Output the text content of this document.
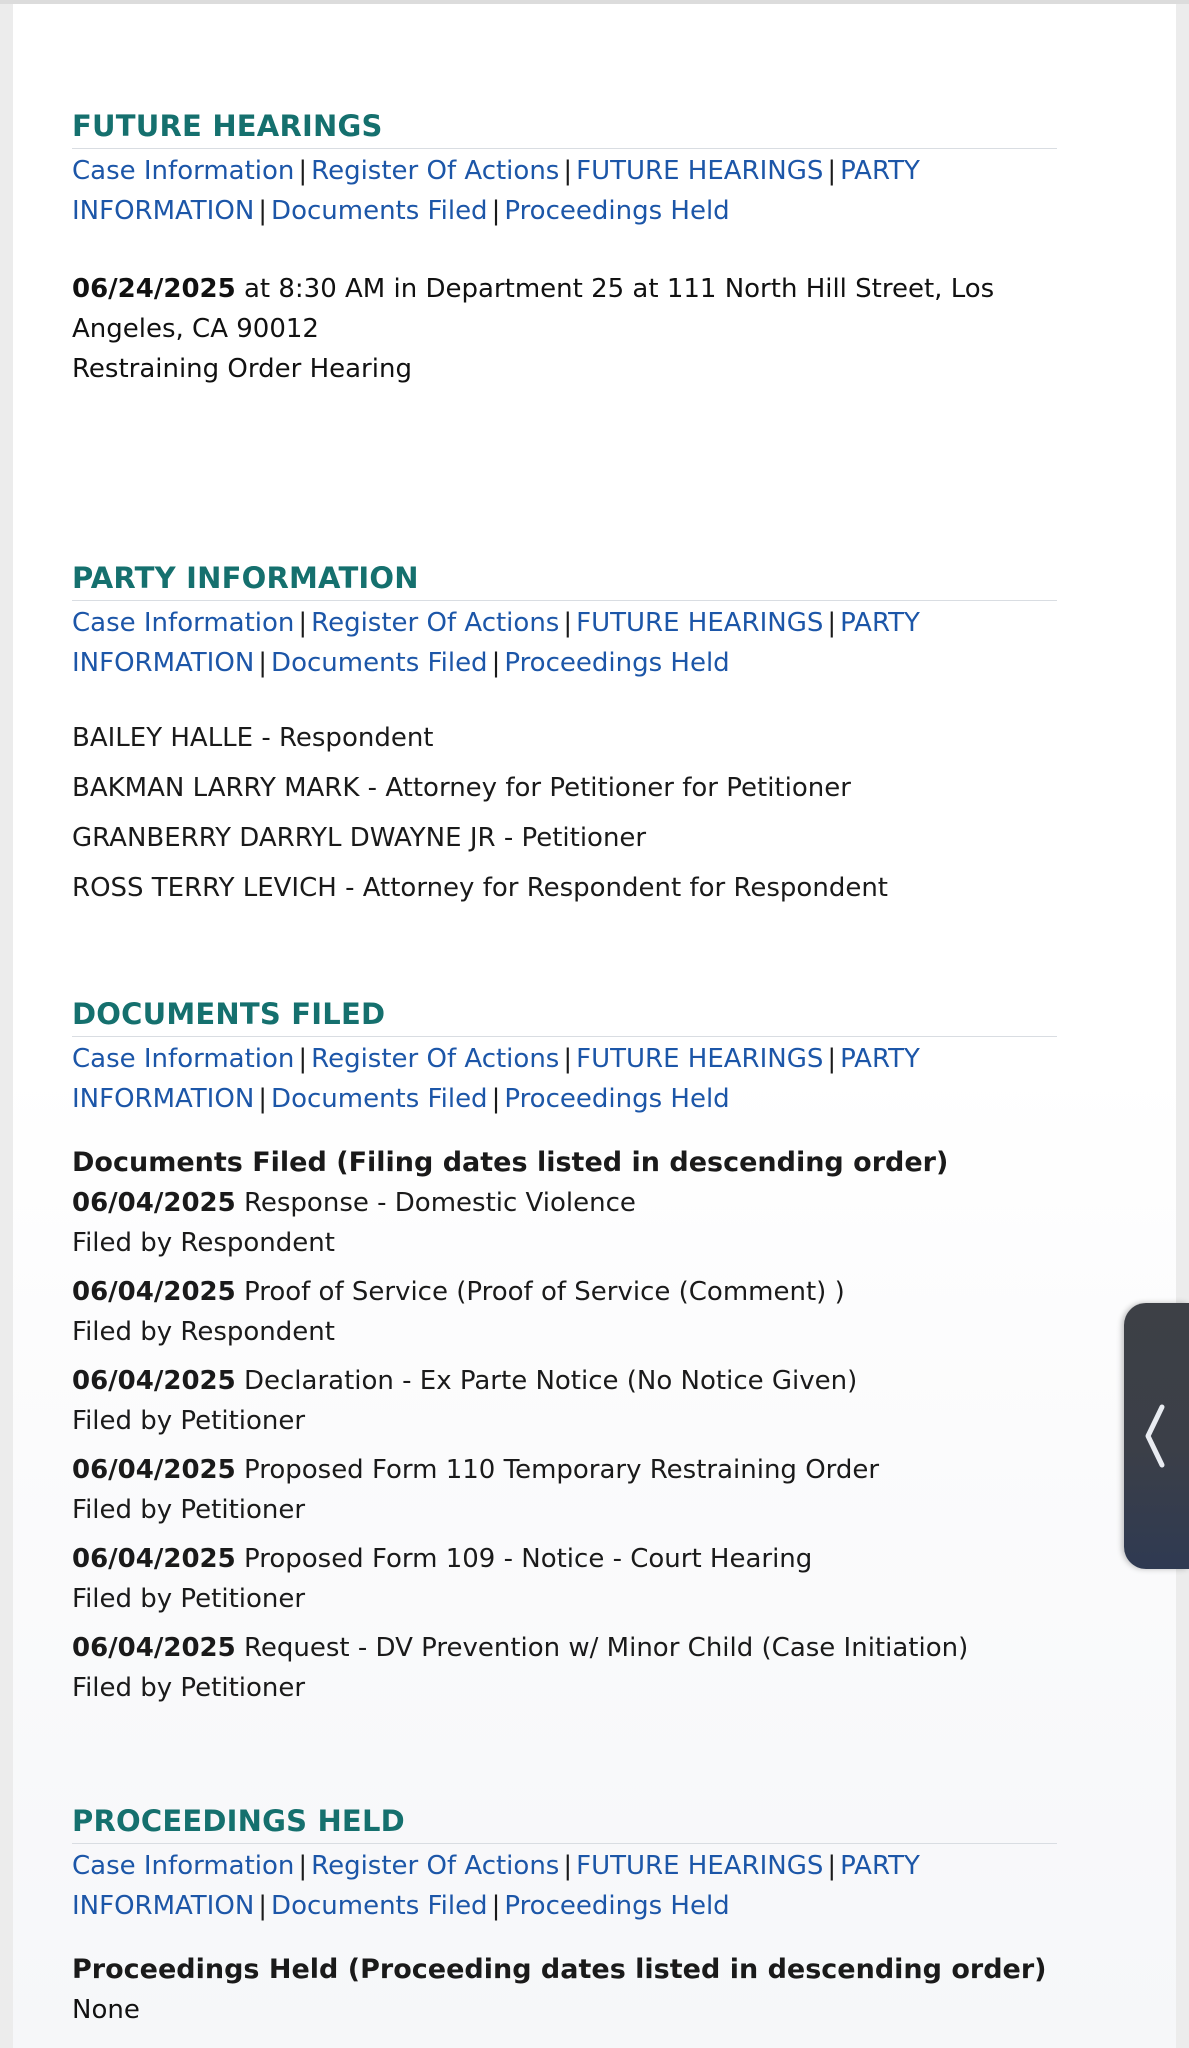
FUTURE HEARINGS
Case Information | Register Of Actions | FUTURE HEARINGS | PARTY
INFORMATION | Documents Filed | Proceedings Held
06/24/2025 at 8:30 AM in Department 25 at 111 North Hill Street, Los
Angeles, CA 90012
Restraining Order Hearing
PARTY INFORMATION
Case Information | Register Of Actions | FUTURE HEARINGS | PARTY
INFORMATION | Documents Filed | Proceedings Held
BAILEY HALLE - Respondent
BAKMAN LARRY MARK - Attorney for Petitioner for Petitioner
GRANBERRY DARRYL DWAYNE JR - Petitioner
ROSS TERRY LEVICH - Attorney for Respondent for Respondent
DOCUMENTS FILED
Case Information | Register Of Actions | FUTURE HEARINGS | PARTY
INFORMATION | Documents Filed | Proceedings Held
Documents Filed (Filing dates listed in descending order)
06/04/2025 Response - Domestic Violence
Filed by Respondent
06/04/2025 Proof of Service (Proof of Service (Comment) )
Filed by Respondent
06/04/2025 Declaration - Ex Parte Notice (No Notice Given)
Filed by Petitioner
06/04/2025 Proposed Form 110 Temporary Restraining Order
Filed by Petitioner
06/04/2025 Proposed Form 109 - Notice - Court Hearing
Filed by Petitioner
06/04/2025 Request - DV Prevention w/ Minor Child (Case Initiation)
Filed by Petitioner
PROCEEDINGS HELD
Case Information | Register Of Actions | FUTURE HEARINGS | PARTY
INFORMATION | Documents Filed | Proceedings Held
Proceedings Held (Proceeding dates listed in descending order)
None
